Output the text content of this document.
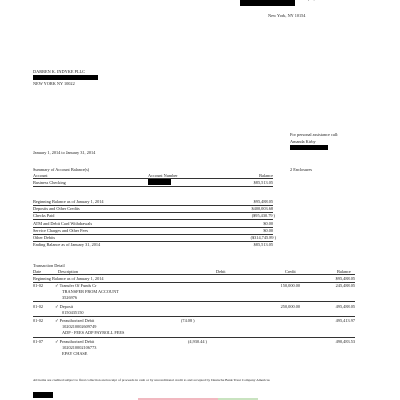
New York, NY 10154
DARREN K. INDYKE PLLC
NEW YORK NY 10022
For personal assistance call:
Amanda Kirby
January 1, 2014 to January 31, 2014
Summary of Account Balance(s)	2 Enclosures
Account	Account Number	Balance
Business Checking	$85,513.05
Beginning Balance as of January 1, 2014	$95,488.05
Deposits and Other Credits	$400,003.68
Checks Paid	($95,430.79 )
ATM and Debit Card Withdrawals	$0.00
Service Charges and Other Fees	$0.00
Other Debits	($314,745.89 )
Ending Balance as of January 31, 2014	$85,513.05
Transaction Detail
Date	Description	Debit	Credit	Balance
Beginning Balance as of January 1, 2014	$95,488.05
01-02	✓ Transfer Of Funds Cr
TRANSFER FROM ACCOUNT
3526976
150,000.00	245,488.05
01-02	✓ Deposit
0150435150
250,000.00	495,488.05
01-02	✓ Preauthorized Debit
1020210002609749
ADP - FEES ADP PAYROLL FEES
(74.08 )	495,413.97
01-07	✓ Preauthorized Debit
1020210002106773
EPAY CHASE
(4,930.44 )	490,483.53
All items are credited subject to final collection and receipt of proceeds in cash or by unconditional credit to and accepted by Deutsche Bank Trust Company Americas
